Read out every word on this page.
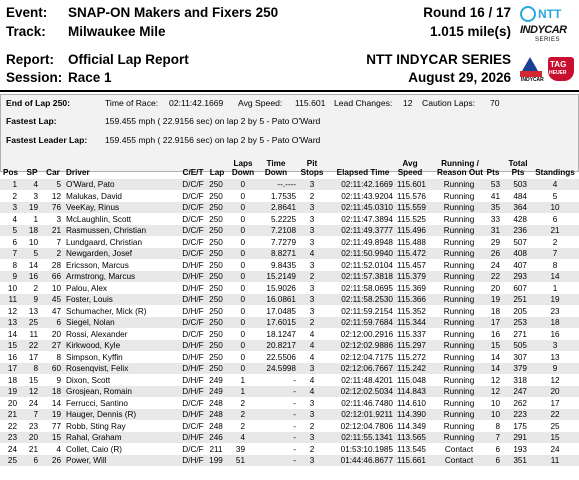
Event: SNAP-ON Makers and Fixers 250
Track: Milwaukee Mile
Report: Official Lap Report
Session: Race 1
Round 16 / 17
1.015 mile(s)
NTT INDYCAR SERIES
August 29, 2026
NTT
INDYCAR
SERIES
INDYCAR
TAG
HEUER
End of Lap 250:	Time of Race: 02:11:42.1669 Avg Speed: 115.601 Lead Changes: 12 Caution Laps: 70
Fastest Lap:	159.455 mph ( 22.9156 sec) on lap 2 by 5 - Pato O'Ward
Fastest Leader Lap: 159.455 mph ( 22.9156 sec) on lap 2 by 5 - Pato O'Ward
Pos	SP	Car Driver	C/E/T Lap
Laps Down
Time Down
Pit Stops	Elapsed Time
Avg Speed
Running / Reason Out Pts
Total Pts	Standings
1	4	5 O'Ward, Pato	D/C/F 250	0	--.----	3	02:11:42.1669 115.601	Running	53	503	4
2	3	12 Malukas, David	D/C/F 250	0	1.7535	2	02:11:43.9204 115.576	Running	41	484	5
3	19	76 VeeKay, Rinus	D/C/F 250	0	2.8641	3	02:11:45.0310 115.559	Running	35	364	10
4	1	3 McLaughlin, Scott	D/C/F 250	0	5.2225	3	02:11:47.3894 115.525	Running	33	428	6
5	18	21 Rasmussen, Christian	D/C/F 250	0	7.2108	3	02:11:49.3777 115.496	Running	31	236	21
6	10	7 Lundgaard, Christian	D/C/F 250	0	7.7279	3	02:11:49.8948 115.488	Running	29	507	2
7	5	2 Newgarden, Josef	D/C/F 250	0	8.8271	4	02:11:50.9940 115.472	Running	26	408	7
8	14	28 Ericsson, Marcus	D/H/F 250	0	9.8435	3	02:11:52.0104 115.457	Running	24	407	8
9	16	66 Armstrong, Marcus	D/H/F 250	0	15.2149	2	02:11:57.3818 115.379	Running	22	293	14
10	2	10 Palou, Alex	D/H/F 250	0	15.9026	3	02:11:58.0695 115.369	Running	20	607	1
11	9	45 Foster, Louis	D/H/F 250	0	16.0861	3	02:11:58.2530 115.366	Running	19	251	19
12	13	47 Schumacher, Mick (R)	D/H/F 250	0	17.0485	3	02:11:59.2154 115.352	Running	18	205	23
13	25	6 Siegel, Nolan	D/C/F 250	0	17.6015	2	02:11:59.7684 115.344	Running	17	253	18
14	11	20 Rossi, Alexander	D/C/F 250	0	18.1247	4	02:12:00.2916 115.337	Running	16	271	16
15	22	27 Kirkwood, Kyle	D/H/F 250	0	20.8217	4	02:12:02.9886 115.297	Running	15	505	3
16	17	8 Simpson, Kyffin	D/H/F 250	0	22.5506	4	02:12:04.7175 115.272	Running	14	307	13
17	8	60 Rosenqvist, Felix	D/H/F 250	0	24.5998	3	02:12:06.7667 115.242	Running	14	379	9
18	15	9 Dixon, Scott	D/H/F 249	1	-	4	02:11:48.4201 115.048	Running	12	318	12
19	12	18 Grosjean, Romain	D/H/F 249	1	-	4	02:12:02.5034 114.843	Running	12	247	20
20	24	14 Ferrucci, Santino	D/C/F 248	2	-	3	02:11:46.7480 114.610	Running	10	262	17
21	7	19 Hauger, Dennis (R)	D/H/F 248	2	-	3	02:12:01.9211 114.390	Running	10	223	22
22	23	77 Robb, Sting Ray	D/C/F 248	2	-	2	02:12:04.7806 114.349	Running	8	175	25
23	20	15 Rahal, Graham	D/H/F 246	4	-	3	02:11:55.1341 113.565	Running	7	291	15
24	21	4 Collet, Caio (R)	D/C/F 211	39	-	2	01:53:10.1985 113.545	Contact	6	193	24
25	6	26 Power, Will	D/H/F 199	51	-	3	01:44:46.8677 115.661	Contact	6	351	11
